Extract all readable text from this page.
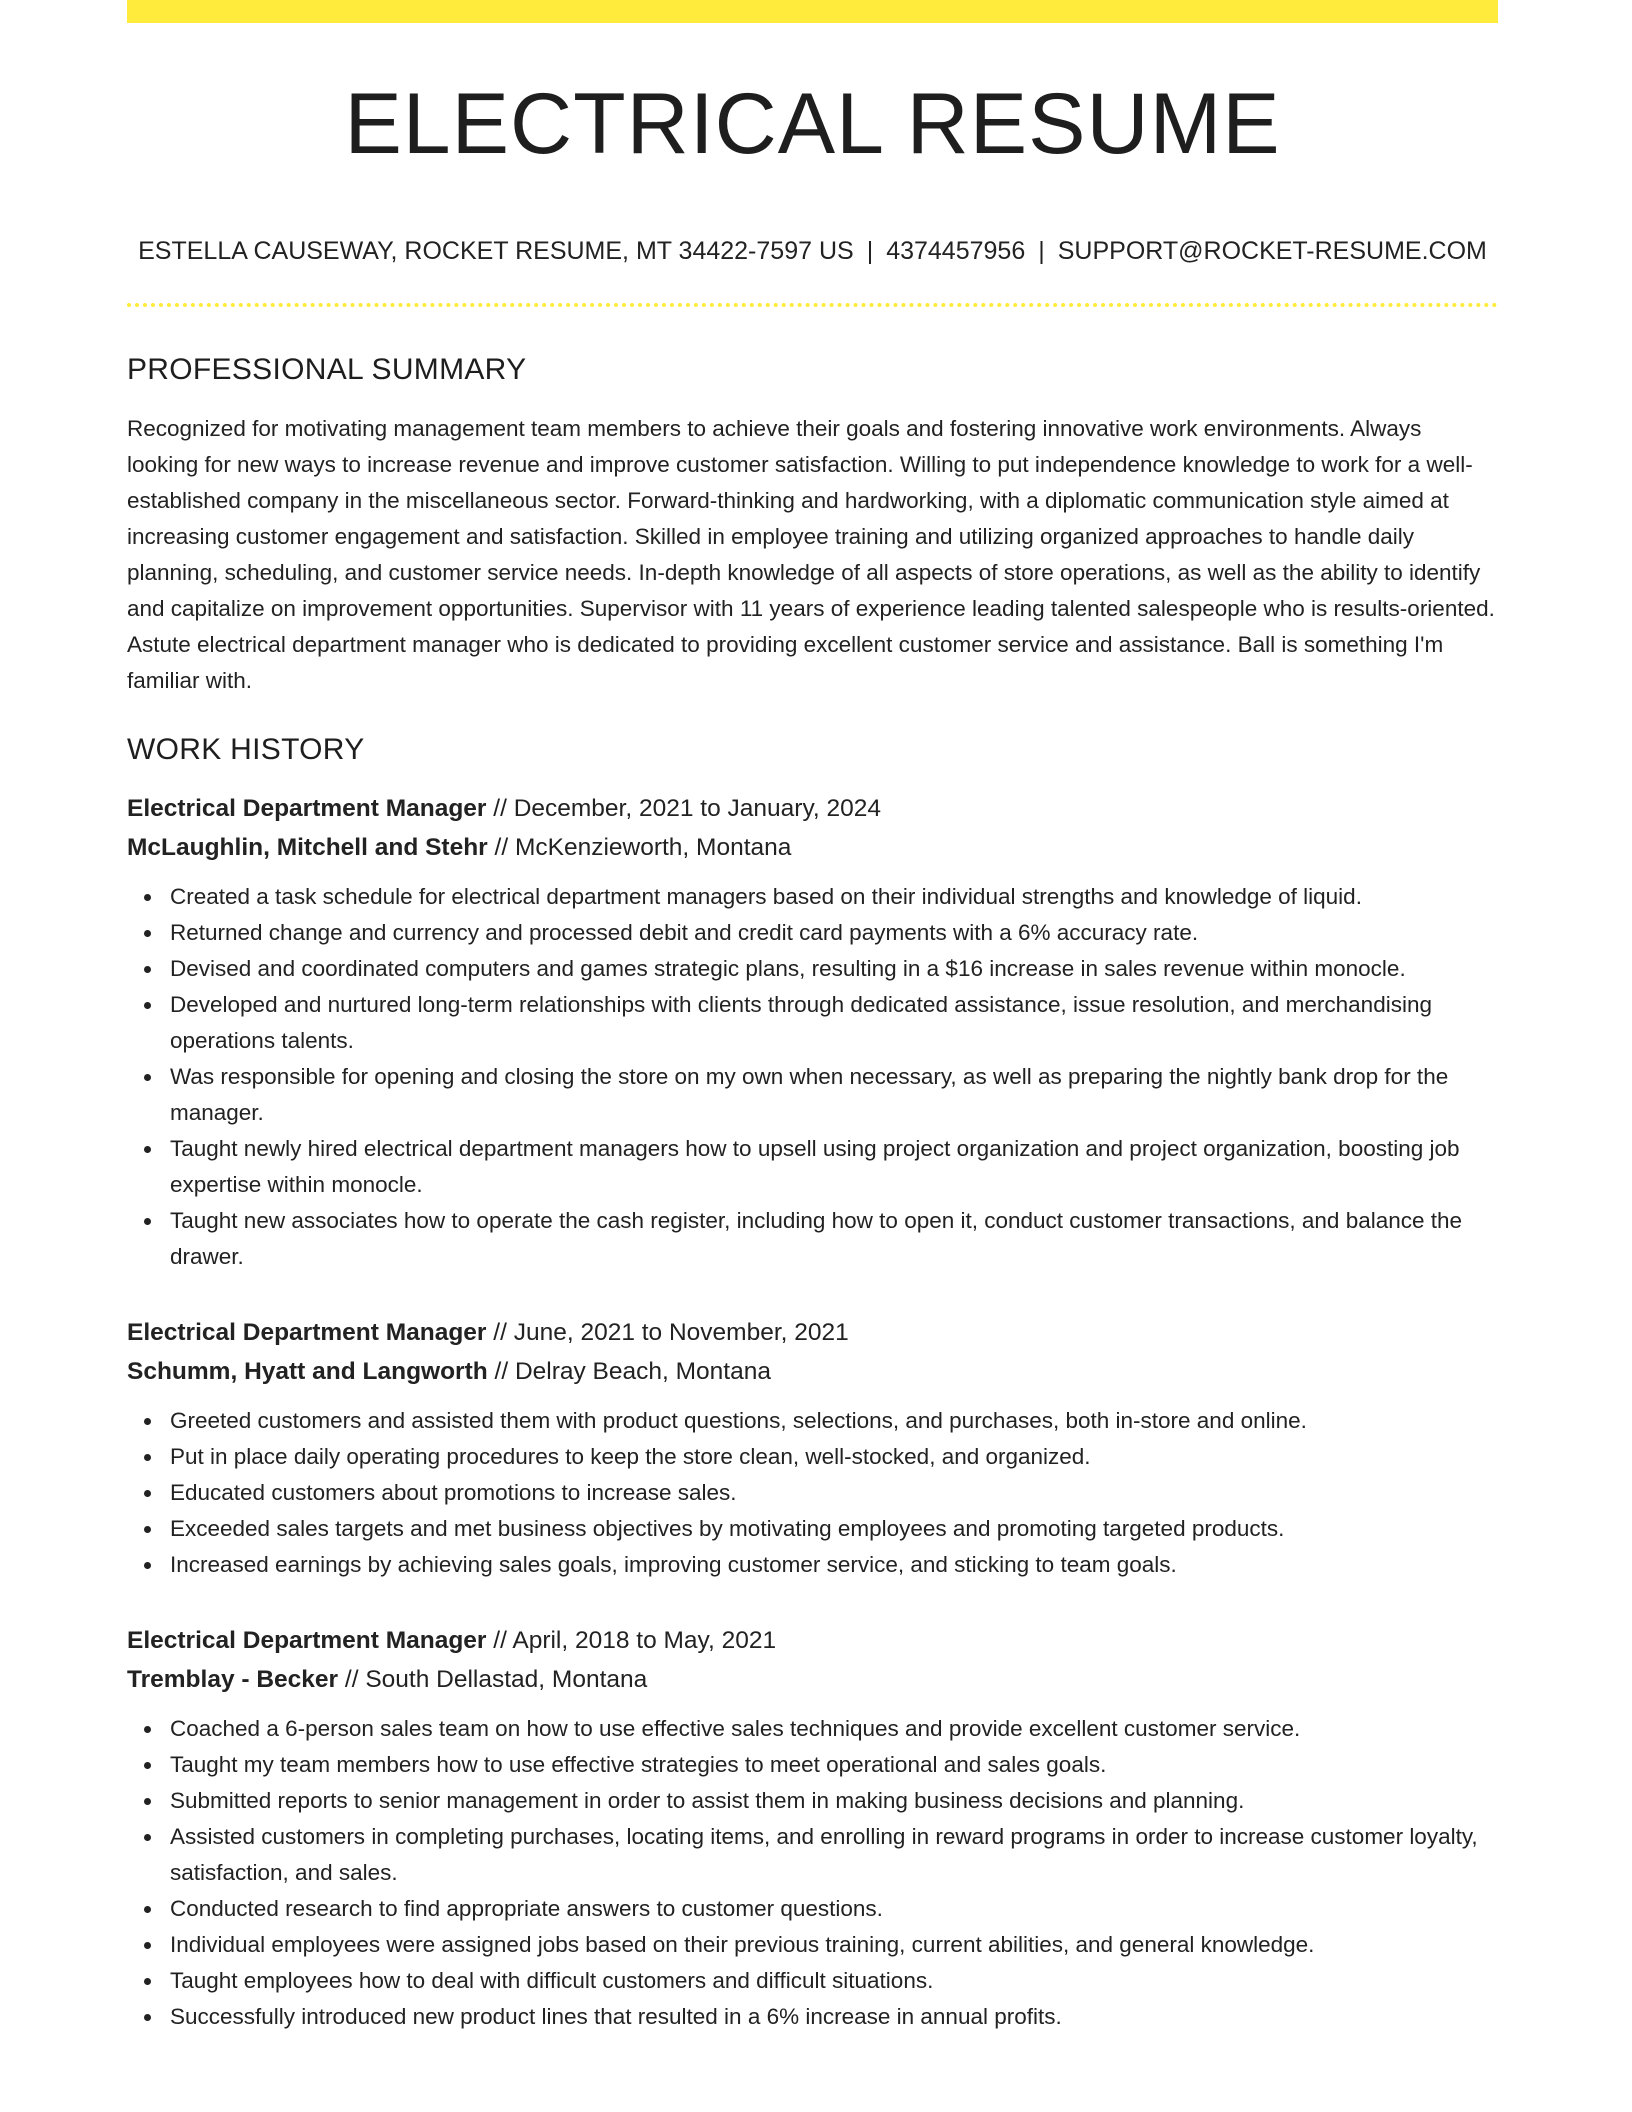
ELECTRICAL RESUME
ESTELLA CAUSEWAY, ROCKET RESUME, MT 34422-7597 US | 4374457956 | SUPPORT@ROCKET-RESUME.COM
PROFESSIONAL SUMMARY

Recognized for motivating management team members to achieve their goals and fostering innovative work environments. Always looking for new ways to increase revenue and improve customer satisfaction. Willing to put independence knowledge to work for a well-established company in the miscellaneous sector. Forward-thinking and hardworking, with a diplomatic communication style aimed at increasing customer engagement and satisfaction. Skilled in employee training and utilizing organized approaches to handle daily planning, scheduling, and customer service needs. In-depth knowledge of all aspects of store operations, as well as the ability to identify and capitalize on improvement opportunities. Supervisor with 11 years of experience leading talented salespeople who is results-oriented. Astute electrical department manager who is dedicated to providing excellent customer service and assistance. Ball is something I'm familiar with.

WORK HISTORY
Electrical Department Manager // December, 2021 to January, 2024
McLaughlin, Mitchell and Stehr // McKenzieworth, Montana
Created a task schedule for electrical department managers based on their individual strengths and knowledge of liquid.
Returned change and currency and processed debit and credit card payments with a 6% accuracy rate.
Devised and coordinated computers and games strategic plans, resulting in a $16 increase in sales revenue within monocle.
Developed and nurtured long-term relationships with clients through dedicated assistance, issue resolution, and merchandising operations talents.
Was responsible for opening and closing the store on my own when necessary, as well as preparing the nightly bank drop for the manager.
Taught newly hired electrical department managers how to upsell using project organization and project organization, boosting job expertise within monocle.
Taught new associates how to operate the cash register, including how to open it, conduct customer transactions, and balance the drawer.
Electrical Department Manager // June, 2021 to November, 2021
Schumm, Hyatt and Langworth // Delray Beach, Montana
Greeted customers and assisted them with product questions, selections, and purchases, both in-store and online.
Put in place daily operating procedures to keep the store clean, well-stocked, and organized.
Educated customers about promotions to increase sales.
Exceeded sales targets and met business objectives by motivating employees and promoting targeted products.
Increased earnings by achieving sales goals, improving customer service, and sticking to team goals.
Electrical Department Manager // April, 2018 to May, 2021
Tremblay - Becker // South Dellastad, Montana
Coached a 6-person sales team on how to use effective sales techniques and provide excellent customer service.
Taught my team members how to use effective strategies to meet operational and sales goals.
Submitted reports to senior management in order to assist them in making business decisions and planning.
Assisted customers in completing purchases, locating items, and enrolling in reward programs in order to increase customer loyalty, satisfaction, and sales.
Conducted research to find appropriate answers to customer questions.
Individual employees were assigned jobs based on their previous training, current abilities, and general knowledge.
Taught employees how to deal with difficult customers and difficult situations.
Successfully introduced new product lines that resulted in a 6% increase in annual profits.
